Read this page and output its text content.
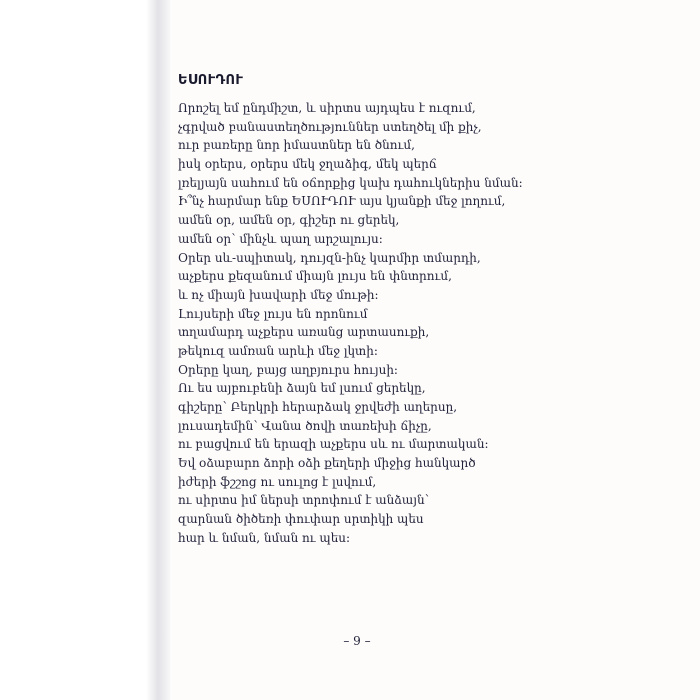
ԵՍՈՒԴՈՒ
Որոշել եմ ընդմիշտ, և սիրտս այդպես է ուզում,
չգրված բանաստեղծություններ ստեղծել մի քիչ,
ուր բառերը նոր իմաստներ են ծնում,
իսկ օրերս, օրերս մեկ ջղաձիգ, մեկ պերճ
լռելյայն սահում են օճորքից կախ դահուկներիս նման:
Ի՞նչ հարմար ենք ԵՍՈՒԴՈՒ այս կյանքի մեջ լողում,
ամեն օր, ամեն օր, գիշեր ու ցերեկ,
ամեն օր՝ մինչև պաղ արշալույս:
Օրեր սև-սպիտակ, դույզն-ինչ կարմիր տմարդի,
աչքերս քեզանում միայն լույս են փնտրում,
և ոչ միայն խավարի մեջ մութի:
Լույսերի մեջ լույս են որոնում
տղամարդ աչքերս առանց արտասուքի,
թեկուզ ամռան արևի մեջ լկտի:
Օրերը կաղ, բայց աղբյուրս հույսի:
Ու ես այբուբենի ձայն եմ լսում ցերեկը,
գիշերը՝ Բերկրի հերարձակ ջրվեժի աղերսը,
լուսադեմին՝ Վանա ծովի տառեխի ճիչը,
ու բացվում են երազի աչքերս սև ու մարտական:
Եվ օձաբարո ձորի օձի քեղերի միջից հանկարծ
իժերի ֆշշոց ու սուլոց է լսվում,
ու սիրտս իմ ներսի տրոփում է անձայն՝
զարնան ծիծեռի փուփար սրտիկի պես
հար և նման, նման ու պես:
– 9 –
